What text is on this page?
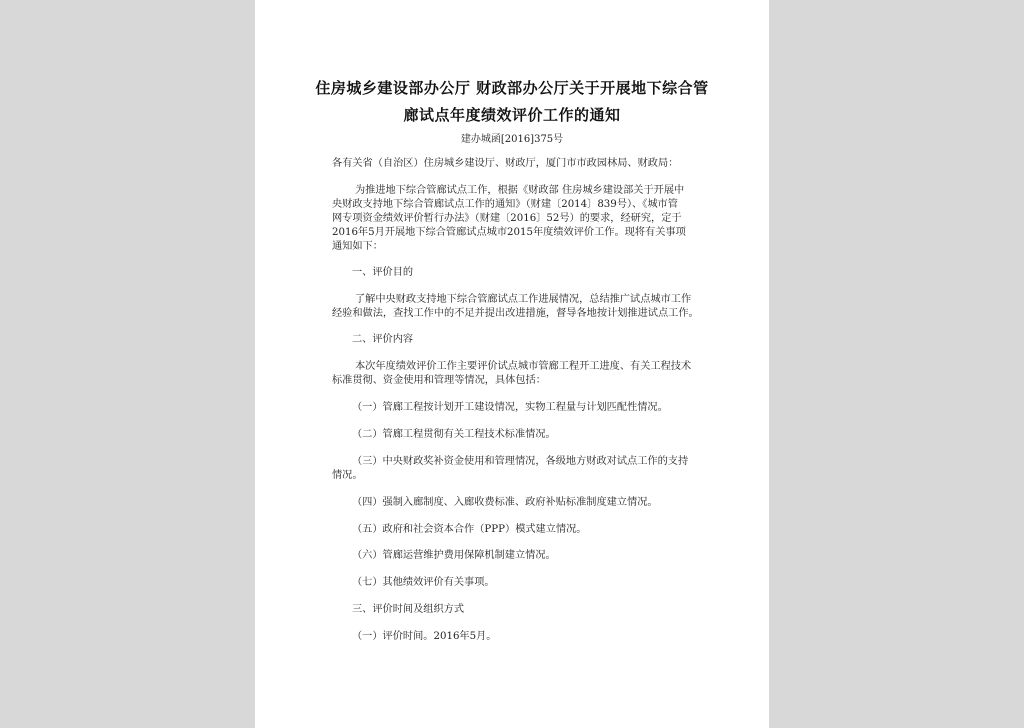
住房城乡建设部办公厅 财政部办公厅关于开展地下综合管
廊试点年度绩效评价工作的通知
建办城函[2016]375号
各有关省（自治区）住房城乡建设厅、财政厅，厦门市市政园林局、财政局：
为推进地下综合管廊试点工作，根据《财政部 住房城乡建设部关于开展中
央财政支持地下综合管廊试点工作的通知》（财建〔2014〕839号）、《城市管
网专项资金绩效评价暂行办法》（财建〔2016〕52号）的要求，经研究，定于
2016年5月开展地下综合管廊试点城市2015年度绩效评价工作。现将有关事项
通知如下：
一、评价目的
了解中央财政支持地下综合管廊试点工作进展情况，总结推广试点城市工作
经验和做法，查找工作中的不足并提出改进措施，督导各地按计划推进试点工作。
二、评价内容
本次年度绩效评价工作主要评价试点城市管廊工程开工进度、有关工程技术
标准贯彻、资金使用和管理等情况，具体包括：
（一）管廊工程按计划开工建设情况，实物工程量与计划匹配性情况。
（二）管廊工程贯彻有关工程技术标准情况。
（三）中央财政奖补资金使用和管理情况，各级地方财政对试点工作的支持
情况。
（四）强制入廊制度、入廊收费标准、政府补贴标准制度建立情况。
（五）政府和社会资本合作（PPP）模式建立情况。
（六）管廊运营维护费用保障机制建立情况。
（七）其他绩效评价有关事项。
三、评价时间及组织方式
（一）评价时间。2016年5月。
